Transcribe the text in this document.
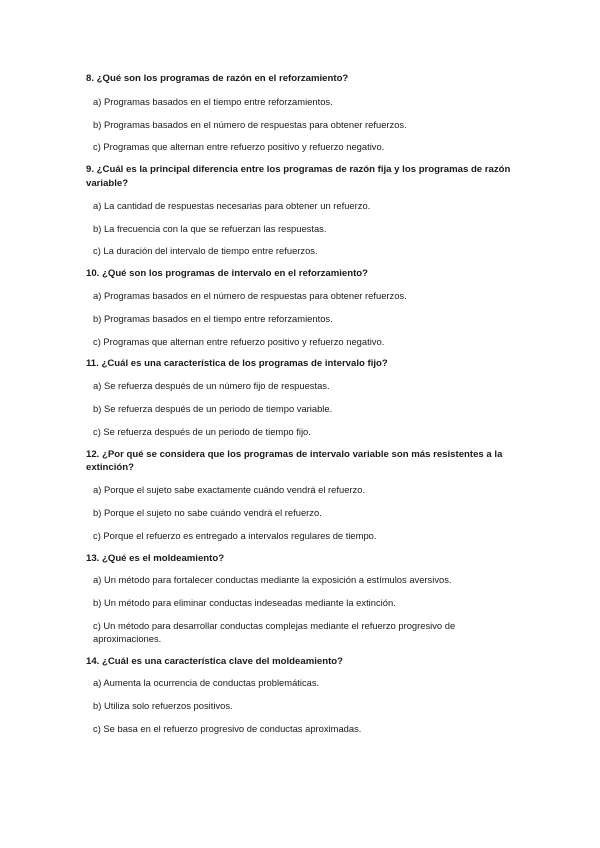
8. ¿Qué son los programas de razón en el reforzamiento?

a) Programas basados en el tiempo entre reforzamientos.

b) Programas basados en el número de respuestas para obtener refuerzos.

c) Programas que alternan entre refuerzo positivo y refuerzo negativo.

9. ¿Cuál es la principal diferencia entre los programas de razón fija y los programas de razón variable?

a) La cantidad de respuestas necesarias para obtener un refuerzo.

b) La frecuencia con la que se refuerzan las respuestas.

c) La duración del intervalo de tiempo entre refuerzos.

10. ¿Qué son los programas de intervalo en el reforzamiento?

a) Programas basados en el número de respuestas para obtener refuerzos.

b) Programas basados en el tiempo entre reforzamientos.

c) Programas que alternan entre refuerzo positivo y refuerzo negativo.

11. ¿Cuál es una característica de los programas de intervalo fijo?

a) Se refuerza después de un número fijo de respuestas.

b) Se refuerza después de un periodo de tiempo variable.

c) Se refuerza después de un periodo de tiempo fijo.

12. ¿Por qué se considera que los programas de intervalo variable son más resistentes a la extinción?

a) Porque el sujeto sabe exactamente cuándo vendrá el refuerzo.

b) Porque el sujeto no sabe cuándo vendrá el refuerzo.

c) Porque el refuerzo es entregado a intervalos regulares de tiempo.

13. ¿Qué es el moldeamiento?

a) Un método para fortalecer conductas mediante la exposición a estímulos aversivos.

b) Un método para eliminar conductas indeseadas mediante la extinción.

c) Un método para desarrollar conductas complejas mediante el refuerzo progresivo de aproximaciones.

14. ¿Cuál es una característica clave del moldeamiento?

a) Aumenta la ocurrencia de conductas problemáticas.

b) Utiliza solo refuerzos positivos.

c) Se basa en el refuerzo progresivo de conductas aproximadas.
